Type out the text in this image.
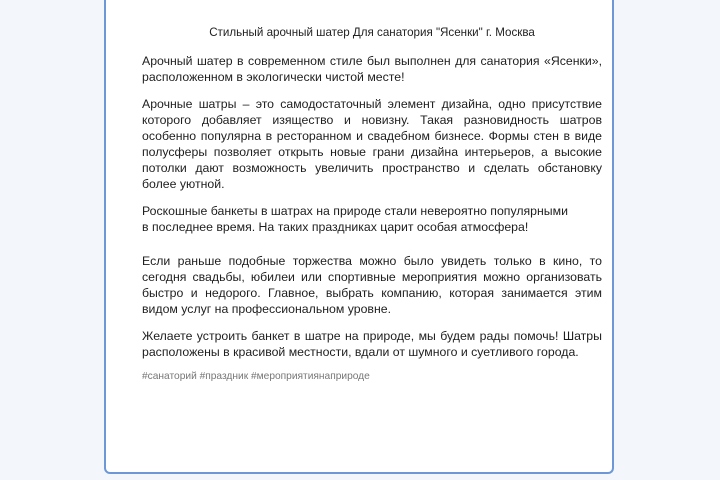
Стильный арочный шатер Для санатория "Ясенки" г. Москва

Арочный шатер в современном стиле был выполнен для санатория «Ясенки», расположенном в экологически чистой месте!

Арочные шатры – это самодостаточный элемент дизайна, одно присутствие которого добавляет изящество и новизну. Такая разновидность шатров особенно популярна в ресторанном и свадебном бизнесе. Формы стен в виде полусферы позволяет открыть новые грани дизайна интерьеров, а высокие потолки дают возможность увеличить пространство и сделать обстановку более уютной.

Роскошные банкеты в шатрах на природе стали невероятно популярными
в последнее время. На таких праздниках царит особая атмосфера!

Если раньше подобные торжества можно было увидеть только в кино, то сегодня свадьбы, юбилеи или спортивные мероприятия можно организовать быстро и недорого. Главное, выбрать компанию, которая занимается этим видом услуг на профессиональном уровне.

Желаете устроить банкет в шатре на природе, мы будем рады помочь! Шатры расположены в красивой местности, вдали от шумного и суетливого города.

#санаторий #праздник #мероприятиянаприроде
